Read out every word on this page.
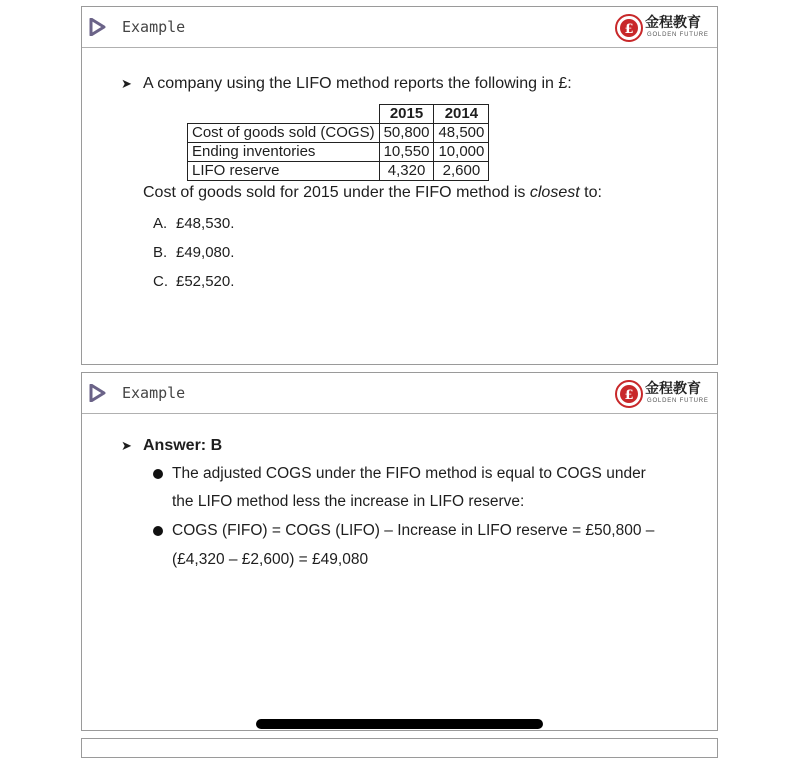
Example	£ 金程教育
GOLDEN FUTURE
➤ A company using the LIFO method reports the following in £:
	2015	2014
Cost of goods sold (COGS)	50,800	48,500
Ending inventories	10,550	10,000
LIFO reserve	4,320	2,600
Cost of goods sold for 2015 under the FIFO method is closest to:
A. £48,530.
B. £49,080.
C. £52,520.
Example	£ 金程教育
GOLDEN FUTURE
➤ Answer: B
The adjusted COGS under the FIFO method is equal to COGS under
the LIFO method less the increase in LIFO reserve:
COGS (FIFO) = COGS (LIFO) – Increase in LIFO reserve = £50,800 –
(£4,320 – £2,600) = £49,080
